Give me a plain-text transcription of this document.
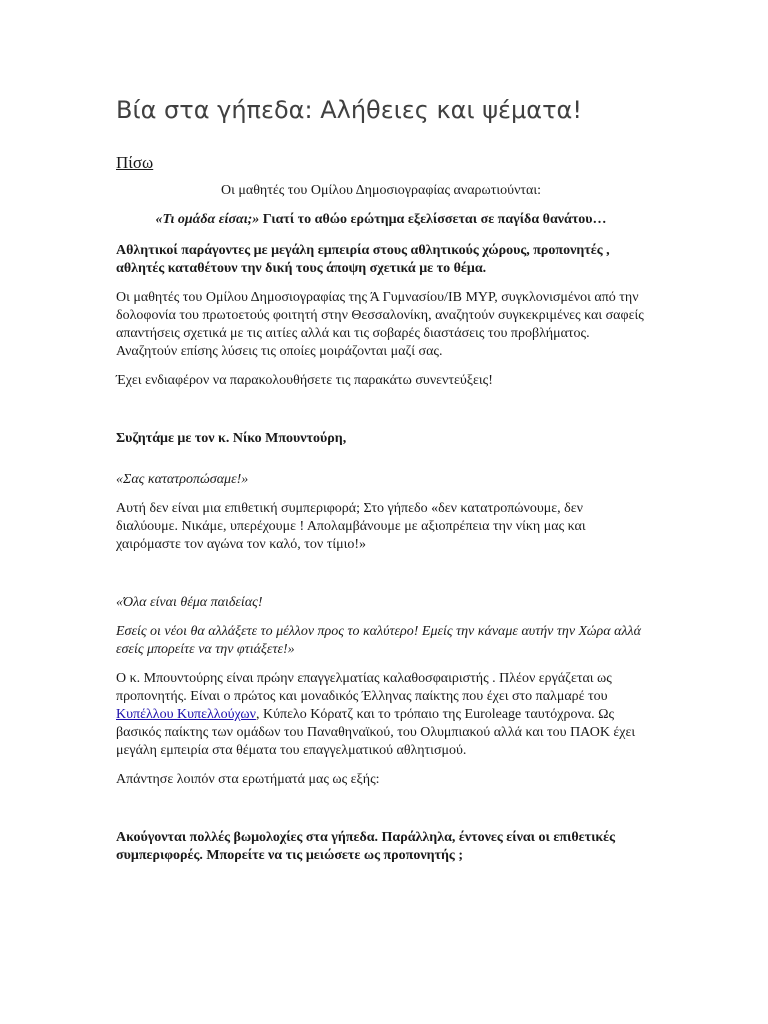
Βία στα γήπεδα: Αλήθειες και ψέματα!
Πίσω

Οι μαθητές του Ομίλου Δημοσιογραφίας αναρωτιούνται:

«Τι ομάδα είσαι;» Γιατί το αθώο ερώτημα εξελίσσεται σε παγίδα θανάτου…

Αθλητικοί παράγοντες με μεγάλη εμπειρία στους αθλητικούς χώρους, προπονητές , αθλητές καταθέτουν την δική τους άποψη σχετικά με το θέμα.

Οι μαθητές του Ομίλου Δημοσιογραφίας της Ά Γυμνασίου/ΙΒ ΜΥΡ, συγκλονισμένοι από την δολοφονία του πρωτοετούς φοιτητή στην Θεσσαλονίκη, αναζητούν συγκεκριμένες και σαφείς απαντήσεις σχετικά με τις αιτίες αλλά και τις σοβαρές διαστάσεις του προβλήματος. Αναζητούν επίσης λύσεις τις οποίες μοιράζονται μαζί σας.

Έχει ενδιαφέρον να παρακολουθήσετε τις παρακάτω συνεντεύξεις!

Συζητάμε με τον κ. Νίκο Μπουντούρη,

«Σας κατατροπώσαμε!»

Αυτή δεν είναι μια επιθετική συμπεριφορά; Στο γήπεδο «δεν κατατροπώνουμε, δεν διαλύουμε. Νικάμε, υπερέχουμε ! Απολαμβάνουμε με αξιοπρέπεια την νίκη μας και χαιρόμαστε τον αγώνα τον καλό, τον τίμιο!»

«Όλα είναι θέμα παιδείας!

Εσείς οι νέοι θα αλλάξετε το μέλλον προς το καλύτερο! Εμείς την κάναμε αυτήν την Χώρα αλλά εσείς μπορείτε να την φτιάξετε!»

Ο κ. Μπουντούρης είναι πρώην επαγγελματίας καλαθοσφαιριστής . Πλέον εργάζεται ως προπονητής. Είναι ο πρώτος και μοναδικός Έλληνας παίκτης που έχει στο παλμαρέ του Κυπέλλου Κυπελλούχων, Κύπελο Κόρατζ και το τρόπαιο της Euroleage ταυτόχρονα. Ως βασικός παίκτης των ομάδων του Παναθηναϊκού, του Ολυμπιακού αλλά και του ΠΑΟΚ έχει μεγάλη εμπειρία στα θέματα του επαγγελματικού αθλητισμού.

Απάντησε λοιπόν στα ερωτήματά μας ως εξής:

Ακούγονται πολλές βωμολοχίες στα γήπεδα. Παράλληλα, έντονες είναι οι επιθετικές συμπεριφορές. Μπορείτε να τις μειώσετε ως προπονητής ;
